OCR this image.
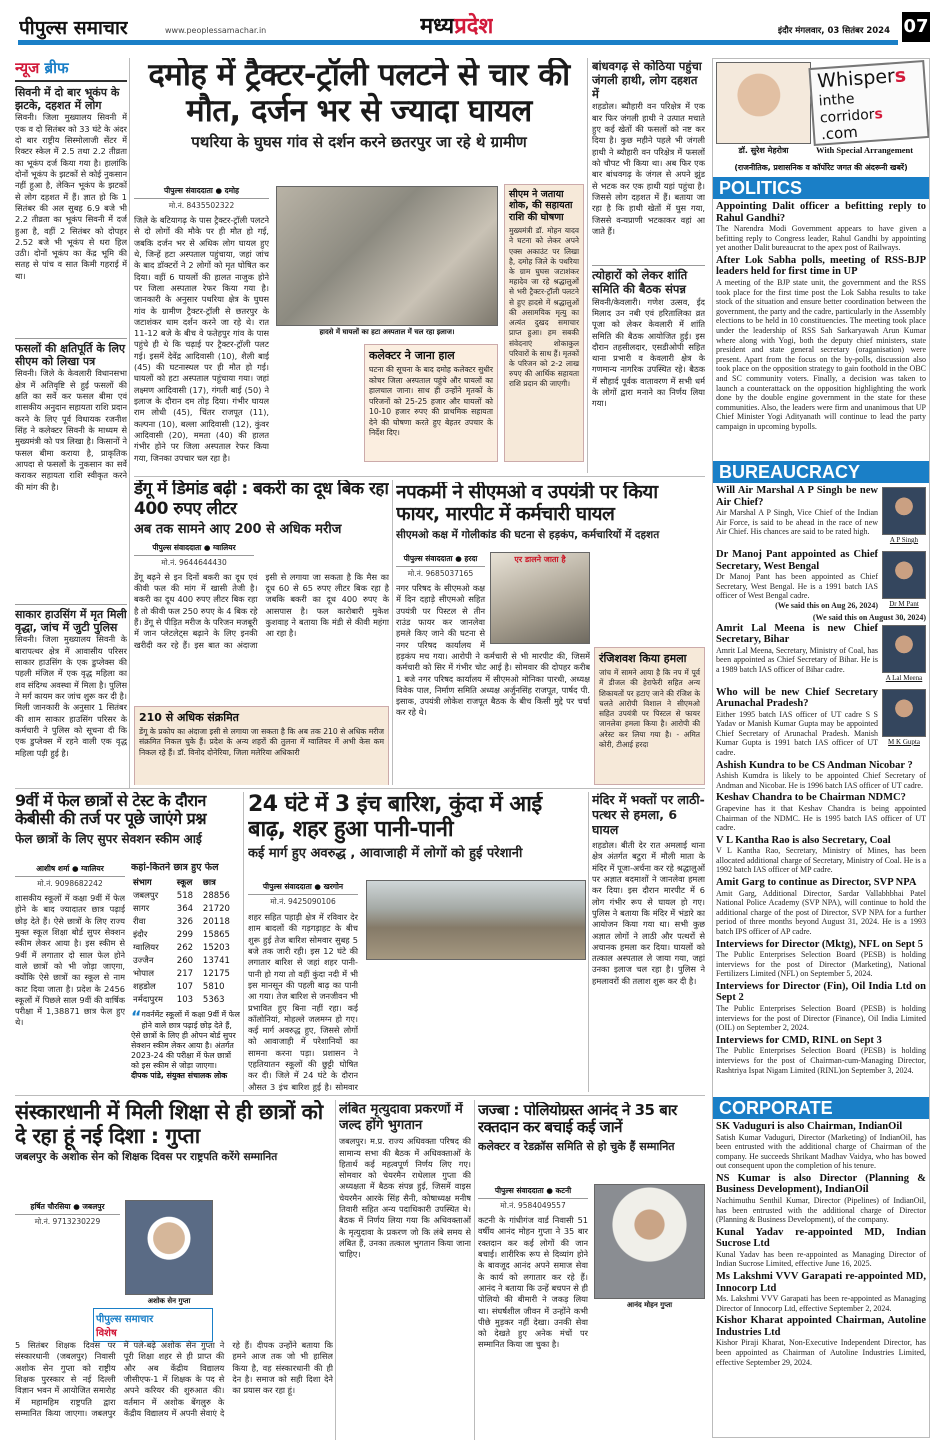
पीपुल्स समाचार	www.peoplessamachar.in	मध्यप्रदेश	इंदौर मंगलवार, 03 सितंबर 2024 07
न्यूज ब्रीफ
सिवनी में दो बार भूकंप के झटके, दहशत में लोग
सिवनी। जिला मुख्यालय सिवनी में एक व दो सितंबर को 33 घंटे के अंदर दो बार राष्ट्रीय सिस्मोलाजी सेंटर में रिक्टर स्केल में 2.5 तथा 2.2 तीव्रता का भूकंप दर्ज किया गया है। हालांकि दोनों भूकंप के झटकों से कोई नुकसान नहीं हुआ है, लेकिन भूकंप के झटकों से लोग दहशत में हैं। ज्ञात हो कि 1 सितंबर की अल सुबह 6.9 बजे भी 2.2 तीव्रता का भूकंप सिवनी में दर्ज हुआ है, वहीं 2 सितंबर को दोपहर 2.52 बजे भी भूकंप से धरा हिल उठी। दोनों भूकंप का केंद्र भूमि की सतह से पांच व सात किमी गहराई में था।
फसलों की क्षतिपूर्ति के लिए सीएम को लिखा पत्र
सिवनी। जिले के केवलारी विधानसभा क्षेत्र में अतिवृष्टि से हुई फसलों की क्षति का सर्वे कर फसल बीमा एवं शासकीय अनुदान सहायता राशि प्रदान करने के लिए पूर्व विधायक रजनीश सिंह ने कलेक्टर सिवनी के माध्यम से मुख्यमंत्री को पत्र लिखा है। किसानों ने फसल बीमा कराया है, प्राकृतिक आपदा से फसलों के नुकसान का सर्वे कराकर सहायता राशि स्वीकृत करने की मांग की है।
साकार हाउसिंग में मृत मिली वृद्धा, जांच में जुटी पुलिस
सिवनी। जिला मुख्यालय सिवनी के बारापत्थर क्षेत्र में आवासीय परिसर साकार हाउसिंग के एक डुप्लेक्स की पहली मंजिल में एक वृद्ध महिला का शव संदिग्ध अवस्था में मिला है। पुलिस ने मर्ग कायम कर जांच शुरू कर दी है। मिली जानकारी के अनुसार 1 सितंबर की शाम साकार हाउसिंग परिसर के कर्मचारी ने पुलिस को सूचना दी कि एक डुप्लेक्स में रहने वाली एक वृद्ध महिला पड़ी हुई है।
दमोह में ट्रैक्टर-ट्रॉली पलटने से चार की मौत, दर्जन भर से ज्यादा घायल
पथरिया के घुघस गांव से दर्शन करने छतरपुर जा रहे थे ग्रामीण
पीपुल्स संवाददाता ● दमोह
मो.नं. 8435502322
जिले के बटियागढ़ के पास ट्रैक्टर-ट्रॉली पलटने से दो लोगों की मौके पर ही मौत हो गई, जबकि दर्जन भर से अधिक लोग घायल हुए थे, जिन्हें हटा अस्पताल पहुंचाया, जहां जांच के बाद डॉक्टरों ने 2 लोगों को मृत घोषित कर दिया। वहीं 6 घायलों की हालत नाजुक होने पर जिला अस्पताल रेफर किया गया है। जानकारी के अनुसार पथरिया क्षेत्र के घुघस गांव के ग्रामीण ट्रैक्टर-ट्रॉली से छतरपुर के जटाशंकर धाम दर्शन करने जा रहे थे। रात 11-12 बजे के बीच वे फतेहपुर गांव के पास पहुंचे ही थे कि चढ़ाई पर ट्रैक्टर-ट्रॉली पलट गई। इसमें देवेंद्र आदिवासी (10), शैली बाई (45) की घटनास्थल पर ही मौत हो गई। घायलों को हटा अस्पताल पहुंचाया गया। जहां लक्ष्मण आदिवासी (17), गंगती बाई (50) ने इलाज के दौरान दम तोड़ दिया। गंभीर घायल राम लोधी (45), चिंतर राजपूत (11), कल्पना (10), बल्ला आदिवासी (12), कुंवर आदिवासी (20), ममता (40) की हालत गंभीर होने पर जिला अस्पताल रेफर किया गया, जिनका उपचार चल रहा है।
हादसे में घायलों का हटा अस्पताल में चल रहा इलाज।
कलेक्टर ने जाना हाल
घटना की सूचना के बाद दमोह कलेक्टर सुधीर कोचर जिला अस्पताल पहुंचे और घायलों का हालचाल जाना। साथ ही उन्होंने मृतकों के परिजनों को 25-25 हजार और घायलों को 10-10 हजार रुपए की प्राथमिक सहायता देने की घोषणा करते हुए बेहतर उपचार के निर्देश दिए।
सीएम ने जताया शोक, की सहायता राशि की घोषणा
मुख्यमंत्री डॉ. मोहन यादव ने घटना को लेकर अपने एक्स अकाउंट पर लिखा है, दमोह जिले के पथरिया के ग्राम घुघस जटाशंकर महादेव जा रहे श्रद्धालुओं से भरी ट्रैक्टर-ट्रॉली पलटने से हुए हादसे में श्रद्धालुओं की असामयिक मृत्यु का अत्यंत दुखद समाचार प्राप्त हुआ। हम सबकी संवेदनाएं शोकाकुल परिवारों के साथ हैं। मृतकों के परिजन को 2-2 लाख रुपए की आर्थिक सहायता राशि प्रदान की जाएगी।
बांधवगढ़ से कोठिया पहुंचा जंगली हाथी, लोग दहशत में
शहडोल। ब्यौहारी वन परिक्षेत्र में एक बार फिर जंगली हाथी ने उत्पात मचाते हुए कई खेतों की फसलों को नष्ट कर दिया है। कुछ महीने पहले भी जंगली हाथी ने ब्यौहारी वन परिक्षेत्र में फसलों को चौपट भी किया था। अब फिर एक बार बांधवगढ़ के जंगल से अपने झुंड से भटक कर एक हाथी यहां पहुंचा है। जिससे लोग दहशत में हैं। बताया जा रहा है कि हाथी खेतों में घुस गया, जिससे वन्यप्राणी भटकाकर वहां आ जाते हैं।
त्योहारों को लेकर शांति समिति की बैठक संपन्न
सिवनी/केवलारी। गणेश उत्सव, ईद मिलाद उन नबी एवं हरितालिका व्रत पूजा को लेकर केवलारी में शांति समिति की बैठक आयोजित हुई। इस दौरान तहसीलदार, एसडीओपी सहित थाना प्रभारी व केवलारी क्षेत्र के गणमान्य नागरिक उपस्थित रहे। बैठक में सौहार्द पूर्वक वातावरण में सभी धर्म के लोगों द्वारा मनाने का निर्णय लिया गया।
डेंगू में डिमांड बढ़ी : बकरी का दूध बिक रहा 400 रुपए लीटर
अब तक सामने आए 200 से अधिक मरीज
पीपुल्स संवाददाता ● ग्वालियर
मो.नं. 9644644430
डेंगू बढ़ने से इन दिनों बकरी का दूध एवं कीवी फल की मांग में खासी तेजी है। बकरी का दूध 400 रुपए लीटर बिक रहा है तो कीवी फल 250 रुपए के 4 बिक रहे हैं। डेंगू से पीड़ित मरीज के परिजन मजबूरी में जान प्लेटलेट्स बढ़ाने के लिए इनकी खरीदी कर रहे हैं। इस बात का अंदाजा इसी से लगाया जा सकता है कि मैस का दूध 60 से 65 रुपए लीटर बिक रहा है जबकि बकरी का दूध 400 रुपए के आसपास है। फल कारोबारी मुकेश कुशवाह ने बताया कि मंडी से कीवी महंगा आ रहा है।
210 से अधिक संक्रमित
डेंगू के प्रकोप का अंदाजा इसी से लगाया जा सकता है कि अब तक 210 से अधिक मरीज संक्रमित निकल चुके हैं। प्रदेश के अन्य शहरों की तुलना में ग्वालियर में अभी केस कम निकल रहे हैं। डॉ. विनोद दोनेरिया, जिला मलेरिया अधिकारी
नपकर्मी ने सीएमओ व उपयंत्री पर किया फायर, मारपीट में कर्मचारी घायल
सीएमओ कक्ष में गोलीकांड की घटना से हड़कंप, कर्मचारियों में दहशत
एर डालने जाता है
पीपुल्स संवाददाता ● हरदा
मो.नं. 9685037165
नगर परिषद के सीएमओ कक्ष में दिन दहाड़े सीएमओ सहित उपयंत्री पर पिस्टल से तीन राउंड फायर कर जानलेवा हमले किए जाने की घटना से नगर परिषद कार्यालय में हड़कंप मच गया। आरोपी ने कर्मचारी से भी मारपीट की, जिसमें कर्मचारी को सिर में गंभीर चोट आई है। सोमवार की दोपहर करीब 1 बजे नगर परिषद कार्यालय में सीएमओ मोनिका पारधी, अध्यक्ष विवेक पाल, निर्माण समिति अध्यक्ष अर्जुनसिंह राजपूत, पार्षद पी. इसाक, उपयंत्री लोकेश राजपूत बैठक के बीच किसी मुद्दे पर चर्चा कर रहे थे।
रंजिशवश किया हमला
जांच में सामने आया है कि नप में पूर्व में डीजल की हेराफेरी सहित अन्य शिकायतों पर हटाए जाने की रंजिश के चलते आरोपी विशाल ने सीएमओ सहित उपयंत्री पर पिस्टल से फायर जानलेवा हमला किया है। आरोपी की अरेस्ट कर लिया गया है। - अमित कोरी, टीआई हरदा
9वीं में फेल छात्रों से टेस्ट के दौरान केबीसी की तर्ज पर पूछे जाएंगे प्रश्न
फेल छात्रों के लिए सुपर सेवशन स्कीम आई
आशीष शर्मा ● ग्वालियर
मो.नं. 9098682242
शासकीय स्कूलों में कक्षा 9वीं में फेल होने के बाद ज्यादातर छात्र पढ़ाई छोड़ देते हैं। ऐसे छात्रों के लिए राज्य मुक्त स्कूल शिक्षा बोर्ड सुपर सेक्शन स्कीम लेकर आया है। इस स्कीम से 9वीं में लगातार दो साल फेल होने वाले छात्रों को भी जोड़ा जाएगा, क्योंकि ऐसे छात्रों का स्कूल से नाम काट दिया जाता है। प्रदेश के 2456 स्कूलों में पिछले साल 9वीं की वार्षिक परीक्षा में 1,38871 छात्र फेल हुए थे।
कहां-कितने छात्र हुए फेल
संभाग	स्कूल	छात्र
जबलपुर	518	28856
सागर	364	21720
रीवा	326	20118
इंदौर	299	15865
ग्वालियर	262	15203
उज्जैन	260	13741
भोपाल	217	12175
शहडोल	107	5810
नर्मदापुरम	103	5363
“ गवर्नमेंट स्कूलों में कक्षा 9वीं में फेल होने वाले छात्र पढ़ाई छोड़ देते हैं, ऐसे छात्रों के लिए ही ओपन बोर्ड सुपर सेक्शन स्कीम लेकर आया है। अंतर्गत 2023-24 की परीक्षा में फेल छात्रों को इस स्कीम से जोड़ा जाएगा।
दीपक पांडे, संयुक्त संचालक लोक
24 घंटे में 3 इंच बारिश, कुंदा में आई बाढ़, शहर हुआ पानी-पानी
कई मार्ग हुए अवरुद्ध , आवाजाही में लोगों को हुई परेशानी
पीपुल्स संवाददाता ● खरगोन
मो.नं. 9425090106
शहर सहित पहाड़ी क्षेत्र में रविवार देर शाम बादलों की गड़गड़ाहट के बीच शुरू हुई तेज बारिश सोमवार सुबह 5 बजे तक जारी रही। इस 12 घंटे की लगातार बारिश से जहां शहर पानी-पानी हो गया तो वहीं कुंदा नदी में भी इस मानसून की पहली बाढ़ का पानी आ गया। तेज बारिश से जनजीवन भी प्रभावित हुए बिना नहीं रहा। कई कॉलोनियां, मोहल्ले जलमग्न हो गए। कई मार्ग अवरुद्ध हुए, जिससे लोगों को आवाजाही में परेशानियों का सामना करना पड़ा। प्रशासन ने एहतियातन स्कूलों की छुट्टी घोषित कर दी। जिले में 24 घंटे के दौरान औसत 3 इंच बारिश हुई है। सोमवार
मंदिर में भक्तों पर लाठी-पत्थर से हमला, 6 घायल
शहडोल। बीती देर रात अमलाई थाना क्षेत्र अंतर्गत बटुरा में मौली माता के मंदिर में पूजा-अर्चना कर रहे श्रद्धालुओं पर अज्ञात बदमाशों ने जानलेवा हमला कर दिया। इस दौरान मारपीट में 6 लोग गंभीर रूप से घायल हो गए। पुलिस ने बताया कि मंदिर में भंडारे का आयोजन किया गया था। सभी कुछ अज्ञात लोगों ने लाठी और पत्थरों से अचानक हमला कर दिया। घायलों को तत्काल अस्पताल ले जाया गया, जहां उनका इलाज चल रहा है। पुलिस ने हमलावरों की तलाश शुरू कर दी है।
संस्कारधानी में मिली शिक्षा से ही छात्रों को दे रहा हूं नई दिशा : गुप्ता
जबलपुर के अशोक सेन को शिक्षक दिवस पर राष्ट्रपति करेंगे सम्मानित
हर्षित चौरसिया ● जबलपुर
मो.नं. 9713230229
अशोक सेन गुप्ता
पीपुल्स समाचार
विशेष
5 सितंबर शिक्षक दिवस पर संस्कारधानी (जबलपुर) निवासी अशोक सेन गुप्ता को राष्ट्रीय शिक्षक पुरस्कार से नई दिल्ली विज्ञान भवन में आयोजित समारोह में महामहिम राष्ट्रपति द्वारा सम्मानित किया जाएगा। जबलपुर में पले-बढ़े अशोक सेन गुप्ता ने पूरी शिक्षा शहर से ही प्राप्त की और अब केंद्रीय विद्यालय जीसीएफ-1 में शिक्षक के पद से अपने करियर की शुरुआत की। वर्तमान में अशोक बेंगलुरु के केंद्रीय विद्यालय में अपनी सेवाएं दे रहे हैं। दीपक उन्होंने बताया कि हमने आज तक जो भी हासिल किया है, वह संस्कारधानी की ही देन है। समाज को सही दिशा देने का प्रयास कर रहा हूं।
लंबित मृत्युदावा प्रकरणों में जल्द होंगे भुगतान
जबलपुर। म.प्र. राज्य अधिवक्ता परिषद की सामान्य सभा की बैठक में अधिवक्ताओं के हितार्थ कई महत्वपूर्ण निर्णय लिए गए। सोमवार को चेयरमैन राधेलाल गुप्ता की अध्यक्षता में बैठक संपन्न हुई, जिसमें वाइस चेयरमैन आरके सिंह सैनी, कोषाध्यक्ष मनीष तिवारी सहित अन्य पदाधिकारी उपस्थित थे। बैठक में निर्णय लिया गया कि अधिवक्ताओं के मृत्युदावा के प्रकरण जो कि लंबे समय से लंबित हैं, उनका तत्काल भुगतान किया जाना चाहिए।
जज्बा : पोलियोग्रस्त आनंद ने 35 बार रक्तदान कर बचाई कई जानें
कलेक्टर व रेडक्रॉस समिति से हो चुके हैं सम्मानित
पीपुल्स संवाददाता ● कटनी
मो.नं. 9584049557
कटनी के गांधीगंज वार्ड निवासी 51 वर्षीय आनंद मोहन गुप्ता ने 35 बार रक्तदान कर कई लोगों की जान बचाई। शारीरिक रूप से दिव्यांग होने के बावजूद आनंद अपने समाज सेवा के कार्य को लगातार कर रहे हैं। आनंद ने बताया कि उन्हें बचपन से ही पोलियो की बीमारी ने जकड़ लिया था। संघर्षशील जीवन में उन्होंने कभी पीछे मुड़कर नहीं देखा। उनकी सेवा को देखते हुए अनेक मंचों पर सम्मानित किया जा चुका है।
आनंद मोहन गुप्ता
Whispers
inthe corridors
.com
डॉ. सुरेश मेहरोत्रा	With Special Arrangement
(राजनीतिक, प्रशासनिक व कॉर्पोरेट जगत की अंदरूनी खबरें)
POLITICS
Appointing Dalit officer a befitting reply to Rahul Gandhi?

The Narendra Modi Government appears to have given a befitting reply to Congress leader, Rahul Gandhi by appointing yet another Dalit bureaucrat to the apex post of Railways.

After Lok Sabha polls, meeting of RSS-BJP leaders held for first time in UP

A meeting of the BJP state unit, the government and the RSS took place for the first time post the Lok Sabha results to take stock of the situation and ensure better coordination between the government, the party and the cadre, particularly in the Assembly elections to be held in 10 constituencies. The meeting took place under the leadership of RSS Sah Sarkaryawah Arun Kumar where along with Yogi, both the deputy chief ministers, state president and state general secretary (oraganisation) were present. Apart from the focus on the by-polls, discussion also took place on the opposition strategy to gain foothold in the OBC and SC community voters. Finally, a decision was taken to launch a counterattack on the opposition highlighting the work done by the double engine government in the state for these communities. Also, the leaders were firm and unanimous that UP Chief Minister Yogi Adityanath will continue to lead the party campaign in upcoming bypolls.

BUREAUCRACY
A P Singh
Will Air Marshal A P Singh be new Air Chief?

Air Marshal A P Singh, Vice Chief of the Indian Air Force, is said to be ahead in the race of new Air Chief. His chances are said to be rated high.

Dr M Pant
Dr Manoj Pant appointed as Chief Secretary, West Bengal

Dr Manoj Pant has been appointed as Chief Secretary, West Bengal. He is a 1991 batch IAS officer of West Bengal cadre.

(We said this on Aug 26, 2024)

(We said this on August 30, 2024)

A Lal Meena
Amrit Lal Meena is new Chief Secretary, Bihar

Amrit Lal Meena, Secretary, Ministry of Coal, has been appointed as Chief Secretary of Bihar. He is a 1989 batch IAS officer of Bihar cadre.

M K Gupta
Who will be new Chief Secretary Arunachal Pradesh?

Either 1995 batch IAS officer of UT cadre S S Yadav or Manish Kumar Gupta may be appointed Chief Secretary of Arunachal Pradesh. Manish Kumar Gupta is 1991 batch IAS officer of UT cadre.

Ashish Kundra to be CS Andman Nicobar ?

Ashish Kumdra is likely to be appointed Chief Secretary of Andman and Nicobar. He is 1996 batch IAS officer of UT cadre.

Keshav Chandra to be Chairman NDMC?

Grapevine has it that Keshav Chandra is being appointed Chairman of the NDMC. He is 1995 batch IAS officer of UT cadre.

V L Kantha Rao is also Secretary, Coal

V L Kantha Rao, Secretary, Ministry of Mines, has been allocated additional charge of Secretary, Ministry of Coal. He is a 1992 batch IAS officer of MP cadre.

Amit Garg to continue as Director, SVP NPA

Amit Garg, Additional Director, Sardar Vallabhbhai Patel National Police Academy (SVP NPA), will continue to hold the additional charge of the post of Director, SVP NPA for a further period of three months beyond August 31, 2024. He is a 1993 batch IPS officer of AP cadre.

Interviews for Director (Mktg), NFL on Sept 5

The Public Enterprises Selection Board (PESB) is holding interviews for the post of Director (Marketing), National Fertilizers Limited (NFL) on September 5, 2024.

Interviews for Director (Fin), Oil India Ltd on Sept 2

The Public Enterprises Selection Board (PESB) is holding interviews for the post of Director (Finance), Oil India Limited (OIL) on September 2, 2024.

Interviews for CMD, RINL on Sept 3

The Public Enterprises Selection Board (PESB) is holding interviews for the post of Chairman-cum-Managing Director, Rashtriya Ispat Nigam Limited (RINL)on September 3, 2024.

CORPORATE
SK Vaduguri is also Chairman, IndianOil

Satish Kumar Vaduguri, Director (Marketing) of IndianOil, has been entrusted with the additional charge of Chairman of the company. He succeeds Shrikant Madhav Vaidya, who has bowed out consequent upon the completion of his tenure.

NS Kumar is also Director (Planning & Business Development), IndianOil

Nachimuthu Senthil Kumar, Director (Pipelines) of IndianOil, has been entrusted with the additional charge of Director (Planning & Business Development), of the company.

Kunal Yadav re-appointed MD, Indian Sucrose Ltd

Kunal Yadav has been re-appointed as Managing Director of Indian Sucrose Limited, effective June 16, 2025.

Ms Lakshmi VVV Garapati re-appointed MD, Innocorp Ltd

Ms. Lakshmi VVV Garapati has been re-appointed as Managing Director of Innocorp Ltd, effective September 2, 2024.

Kishor Kharat appointed Chairman, Autoline Industries Ltd

Kishor Piraji Kharat, Non-Executive Independent Director, has been appointed as Chairman of Autoline Industries Limited, effective September 29, 2024.
